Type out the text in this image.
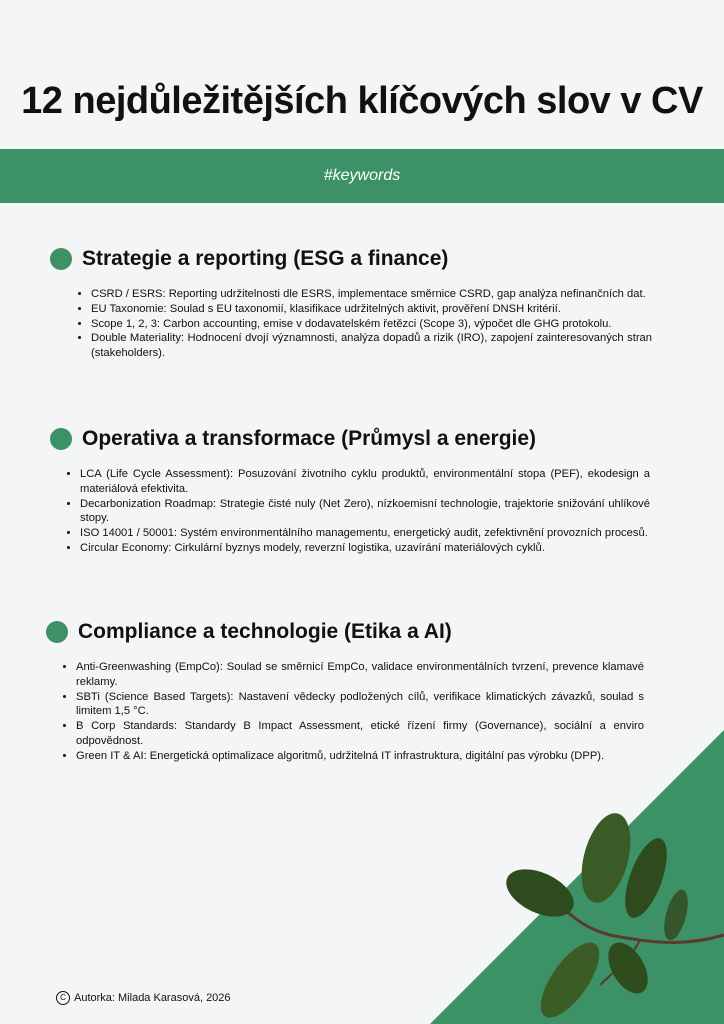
12 nejdůležitějších klíčových slov v CV
#keywords
Strategie a reporting (ESG a finance)
• CSRD / ESRS: Reporting udržitelnosti dle ESRS, implementace směrnice CSRD, gap analýza nefinančních dat.
• EU Taxonomie: Soulad s EU taxonomií, klasifikace udržitelných aktivit, prověření DNSH kritérií.
• Scope 1, 2, 3: Carbon accounting, emise v dodavatelském řetězci (Scope 3), výpočet dle GHG protokolu.
• Double Materiality: Hodnocení dvojí významnosti, analýza dopadů a rizik (IRO), zapojení zainteresovaných stran (stakeholders).
Operativa a transformace (Průmysl a energie)
• LCA (Life Cycle Assessment): Posuzování životního cyklu produktů, environmentální stopa (PEF), ekodesign a materiálová efektivita.
• Decarbonization Roadmap: Strategie čisté nuly (Net Zero), nízkoemisní technologie, trajektorie snižování uhlíkové stopy.
• ISO 14001 / 50001: Systém environmentálního managementu, energetický audit, zefektivnění provozních procesů.
• Circular Economy: Cirkulární byznys modely, reverzní logistika, uzavírání materiálových cyklů.
Compliance a technologie (Etika a AI)
• Anti-Greenwashing (EmpCo): Soulad se směrnicí EmpCo, validace environmentálních tvrzení, prevence klamavé reklamy.
• SBTi (Science Based Targets): Nastavení vědecky podložených cílů, verifikace klimatických závazků, soulad s limitem 1,5 °C.
• B Corp Standards: Standardy B Impact Assessment, etické řízení firmy (Governance), sociální a enviro odpovědnost.
• Green IT & AI: Energetická optimalizace algoritmů, udržitelná IT infrastruktura, digitální pas výrobku (DPP).
C Autorka: Milada Karasová, 2026
